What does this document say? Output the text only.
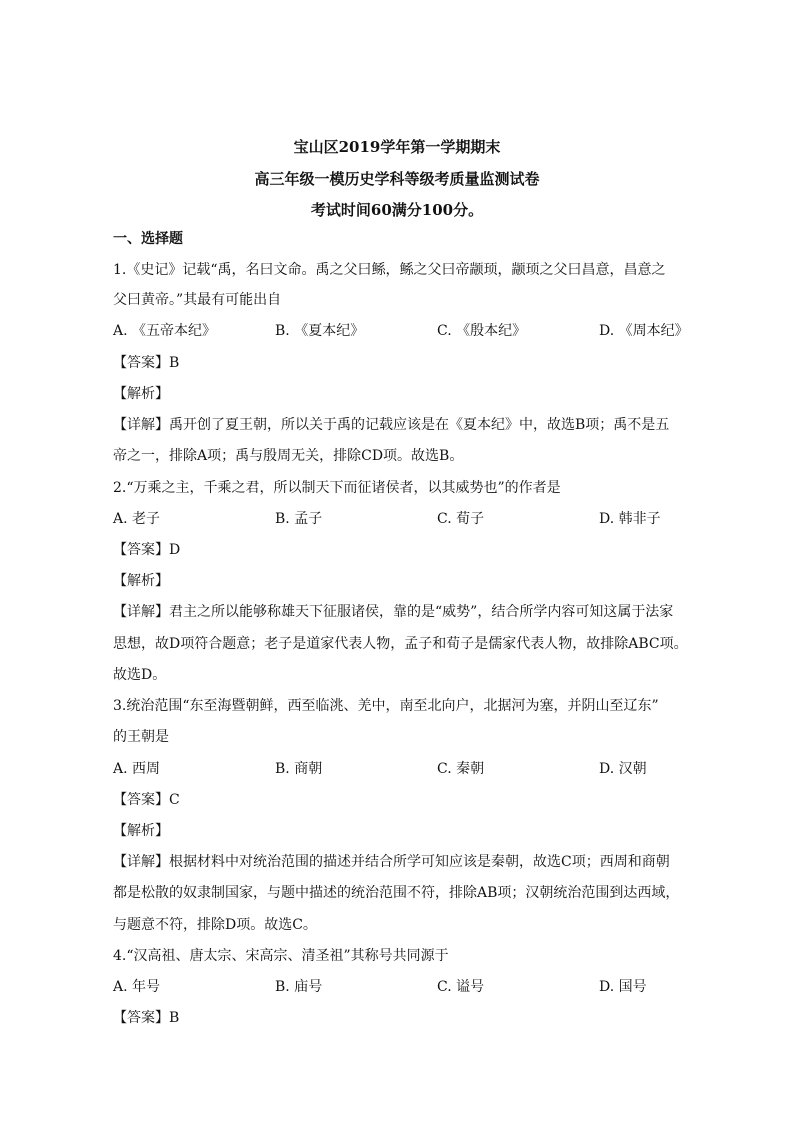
宝山区2019学年第一学期期末
高三年级一模历史学科等级考质量监测试卷
考试时间60满分100分。
一、选择题
1.《史记》记载“禹，名曰文命。禹之父曰鲧，鲧之父曰帝颛顼，颛顼之父曰昌意，昌意之
父曰黄帝。”其最有可能出自
A. 《五帝本纪》	B. 《夏本纪》	C. 《殷本纪》	D. 《周本纪》
【答案】B
【解析】
【详解】禹开创了夏王朝，所以关于禹的记载应该是在《夏本纪》中，故选B项；禹不是五
帝之一，排除A项；禹与殷周无关，排除CD项。故选B。
2.“万乘之主，千乘之君，所以制天下而征诸侯者，以其威势也”的作者是
A. 老子	B. 孟子	C. 荀子	D. 韩非子
【答案】D
【解析】
【详解】君主之所以能够称雄天下征服诸侯，靠的是“威势”，结合所学内容可知这属于法家
思想，故D项符合题意；老子是道家代表人物，孟子和荀子是儒家代表人物，故排除ABC项。
故选D。
3.统治范围“东至海暨朝鲜，西至临洮、羌中，南至北向户，北据河为塞，并阴山至辽东”
的王朝是
A. 西周	B. 商朝	C. 秦朝	D. 汉朝
【答案】C
【解析】
【详解】根据材料中对统治范围的描述并结合所学可知应该是秦朝，故选C项；西周和商朝
都是松散的奴隶制国家，与题中描述的统治范围不符，排除AB项；汉朝统治范围到达西域，
与题意不符，排除D项。故选C。
4.“汉高祖、唐太宗、宋高宗、清圣祖”其称号共同源于
A. 年号	B. 庙号	C. 谥号	D. 国号
【答案】B
